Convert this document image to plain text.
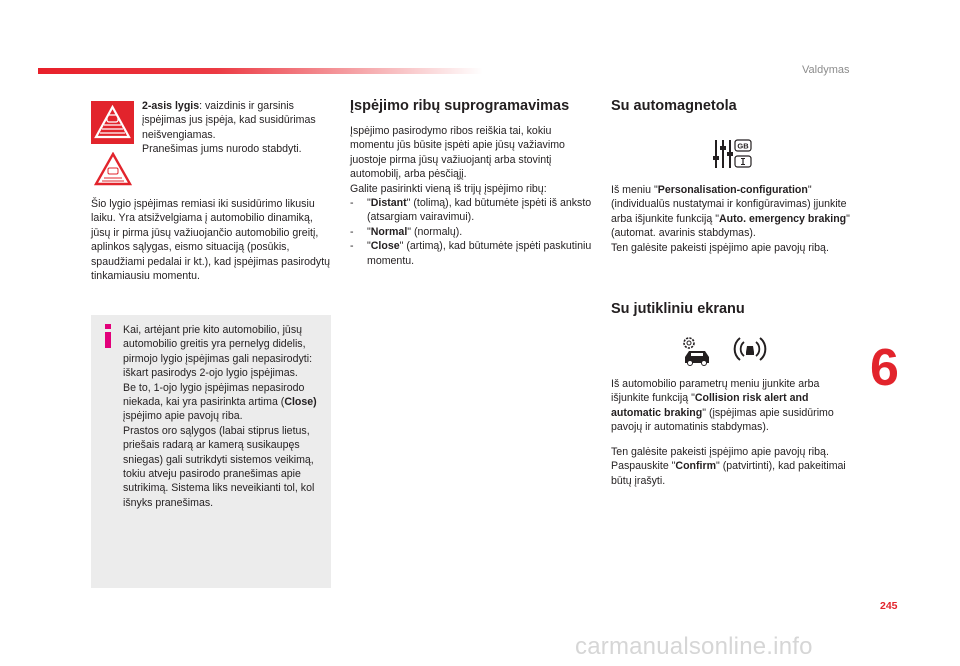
Valdymas
2-asis lygis: vaizdinis ir garsinis įspėjimas jus įspėja, kad susidūrimas neišvengiamas.
Pranešimas jums nurodo stabdyti.
Šio lygio įspėjimas remiasi iki susidūrimo likusiu laiku. Yra atsižvelgiama į automobilio dinamiką, jūsų ir pirma jūsų važiuojančio automobilio greitį, aplinkos sąlygas, eismo situaciją (posūkis, spaudžiami pedalai ir kt.), kad įspėjimas pasirodytų tinkamiausiu momentu.
Kai, artėjant prie kito automobilio, jūsų automobilio greitis yra pernelyg didelis, pirmojo lygio įspėjimas gali nepasirodyti: iškart pasirodys 2-ojo lygio įspėjimas.
Be to, 1-ojo lygio įspėjimas nepasirodo niekada, kai yra pasirinkta artima (Close) įspėjimo apie pavojų riba.
Prastos oro sąlygos (labai stiprus lietus, priešais radarą ar kamerą susikaupęs sniegas) gali sutrikdyti sistemos veikimą, tokiu atveju pasirodo pranešimas apie sutrikimą. Sistema liks neveikianti tol, kol išnyks pranešimas.
Įspėjimo ribų suprogramavimas
Įspėjimo pasirodymo ribos reiškia tai, kokiu momentu jūs būsite įspėti apie jūsų važiavimo juostoje pirma jūsų važiuojantį arba stovintį automobilį, arba pėsčiąjį.
Galite pasirinkti vieną iš trijų įspėjimo ribų:
-	"Distant" (tolimą), kad būtumėte įspėti iš anksto (atsargiam vairavimui).
-	"Normal" (normalų).
-	"Close" (artimą), kad būtumėte įspėti paskutiniu momentu.
Su automagnetola
GB
Iš meniu "Personalisation-configuration" (individualūs nustatymai ir konfigūravimas) įjunkite arba išjunkite funkciją "Auto. emergency braking" (automat. avarinis stabdymas).
Ten galėsite pakeisti įspėjimo apie pavojų ribą.
Su jutikliniu ekranu
Iš automobilio parametrų meniu įjunkite arba išjunkite funkciją "Collision risk alert and automatic braking" (įspėjimas apie susidūrimo pavojų ir automatinis stabdymas).
Ten galėsite pakeisti įspėjimo apie pavojų ribą.
Paspauskite "Confirm" (patvirtinti), kad pakeitimai būtų įrašyti.
6
245
carmanualsonline.info
